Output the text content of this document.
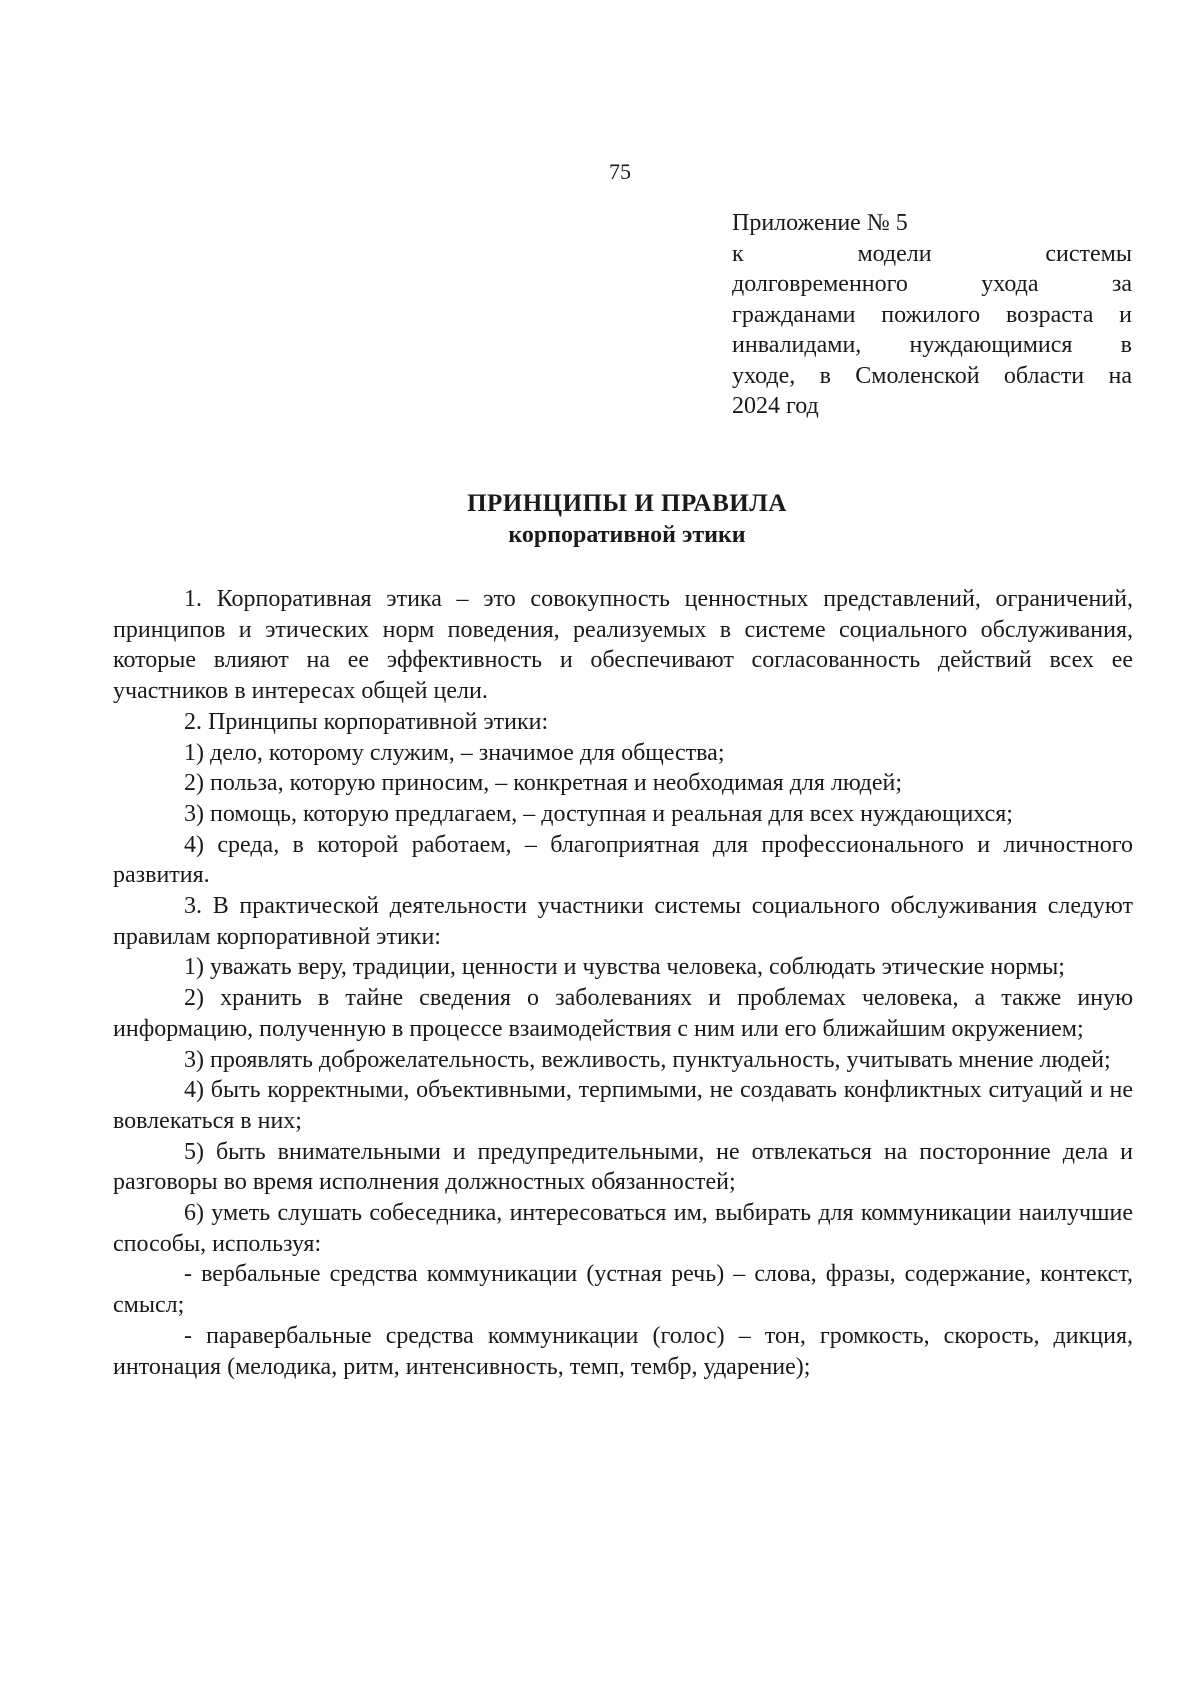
75
Приложение № 5
к	модели	системы
долговременного	ухода	за
гражданами пожилого возраста и
инвалидами, нуждающимися в
уходе, в Смоленской области на
2024 год
ПРИНЦИПЫ И ПРАВИЛА
корпоративной этики

1. Корпоративная этика – это совокупность ценностных представлений, ограничений, принципов и этических норм поведения, реализуемых в системе социального обслуживания, которые влияют на ее эффективность и обеспечивают согласованность действий всех ее участников в интересах общей цели.

2. Принципы корпоративной этики:

1) дело, которому служим, – значимое для общества;

2) польза, которую приносим, – конкретная и необходимая для людей;

3) помощь, которую предлагаем, – доступная и реальная для всех нуждающихся;

4) среда, в которой работаем, – благоприятная для профессионального и личностного развития.

3. В практической деятельности участники системы социального обслуживания следуют правилам корпоративной этики:

1) уважать веру, традиции, ценности и чувства человека, соблюдать этические нормы;

2) хранить в тайне сведения о заболеваниях и проблемах человека, а также иную информацию, полученную в процессе взаимодействия с ним или его ближайшим окружением;

3) проявлять доброжелательность, вежливость, пунктуальность, учитывать мнение людей;

4) быть корректными, объективными, терпимыми, не создавать конфликтных ситуаций и не вовлекаться в них;

5) быть внимательными и предупредительными, не отвлекаться на посторонние дела и разговоры во время исполнения должностных обязанностей;

6) уметь слушать собеседника, интересоваться им, выбирать для коммуникации наилучшие способы, используя:

- вербальные средства коммуникации (устная речь) – слова, фразы, содержание, контекст, смысл;

- паравербальные средства коммуникации (голос) – тон, громкость, скорость, дикция, интонация (мелодика, ритм, интенсивность, темп, тембр, ударение);
